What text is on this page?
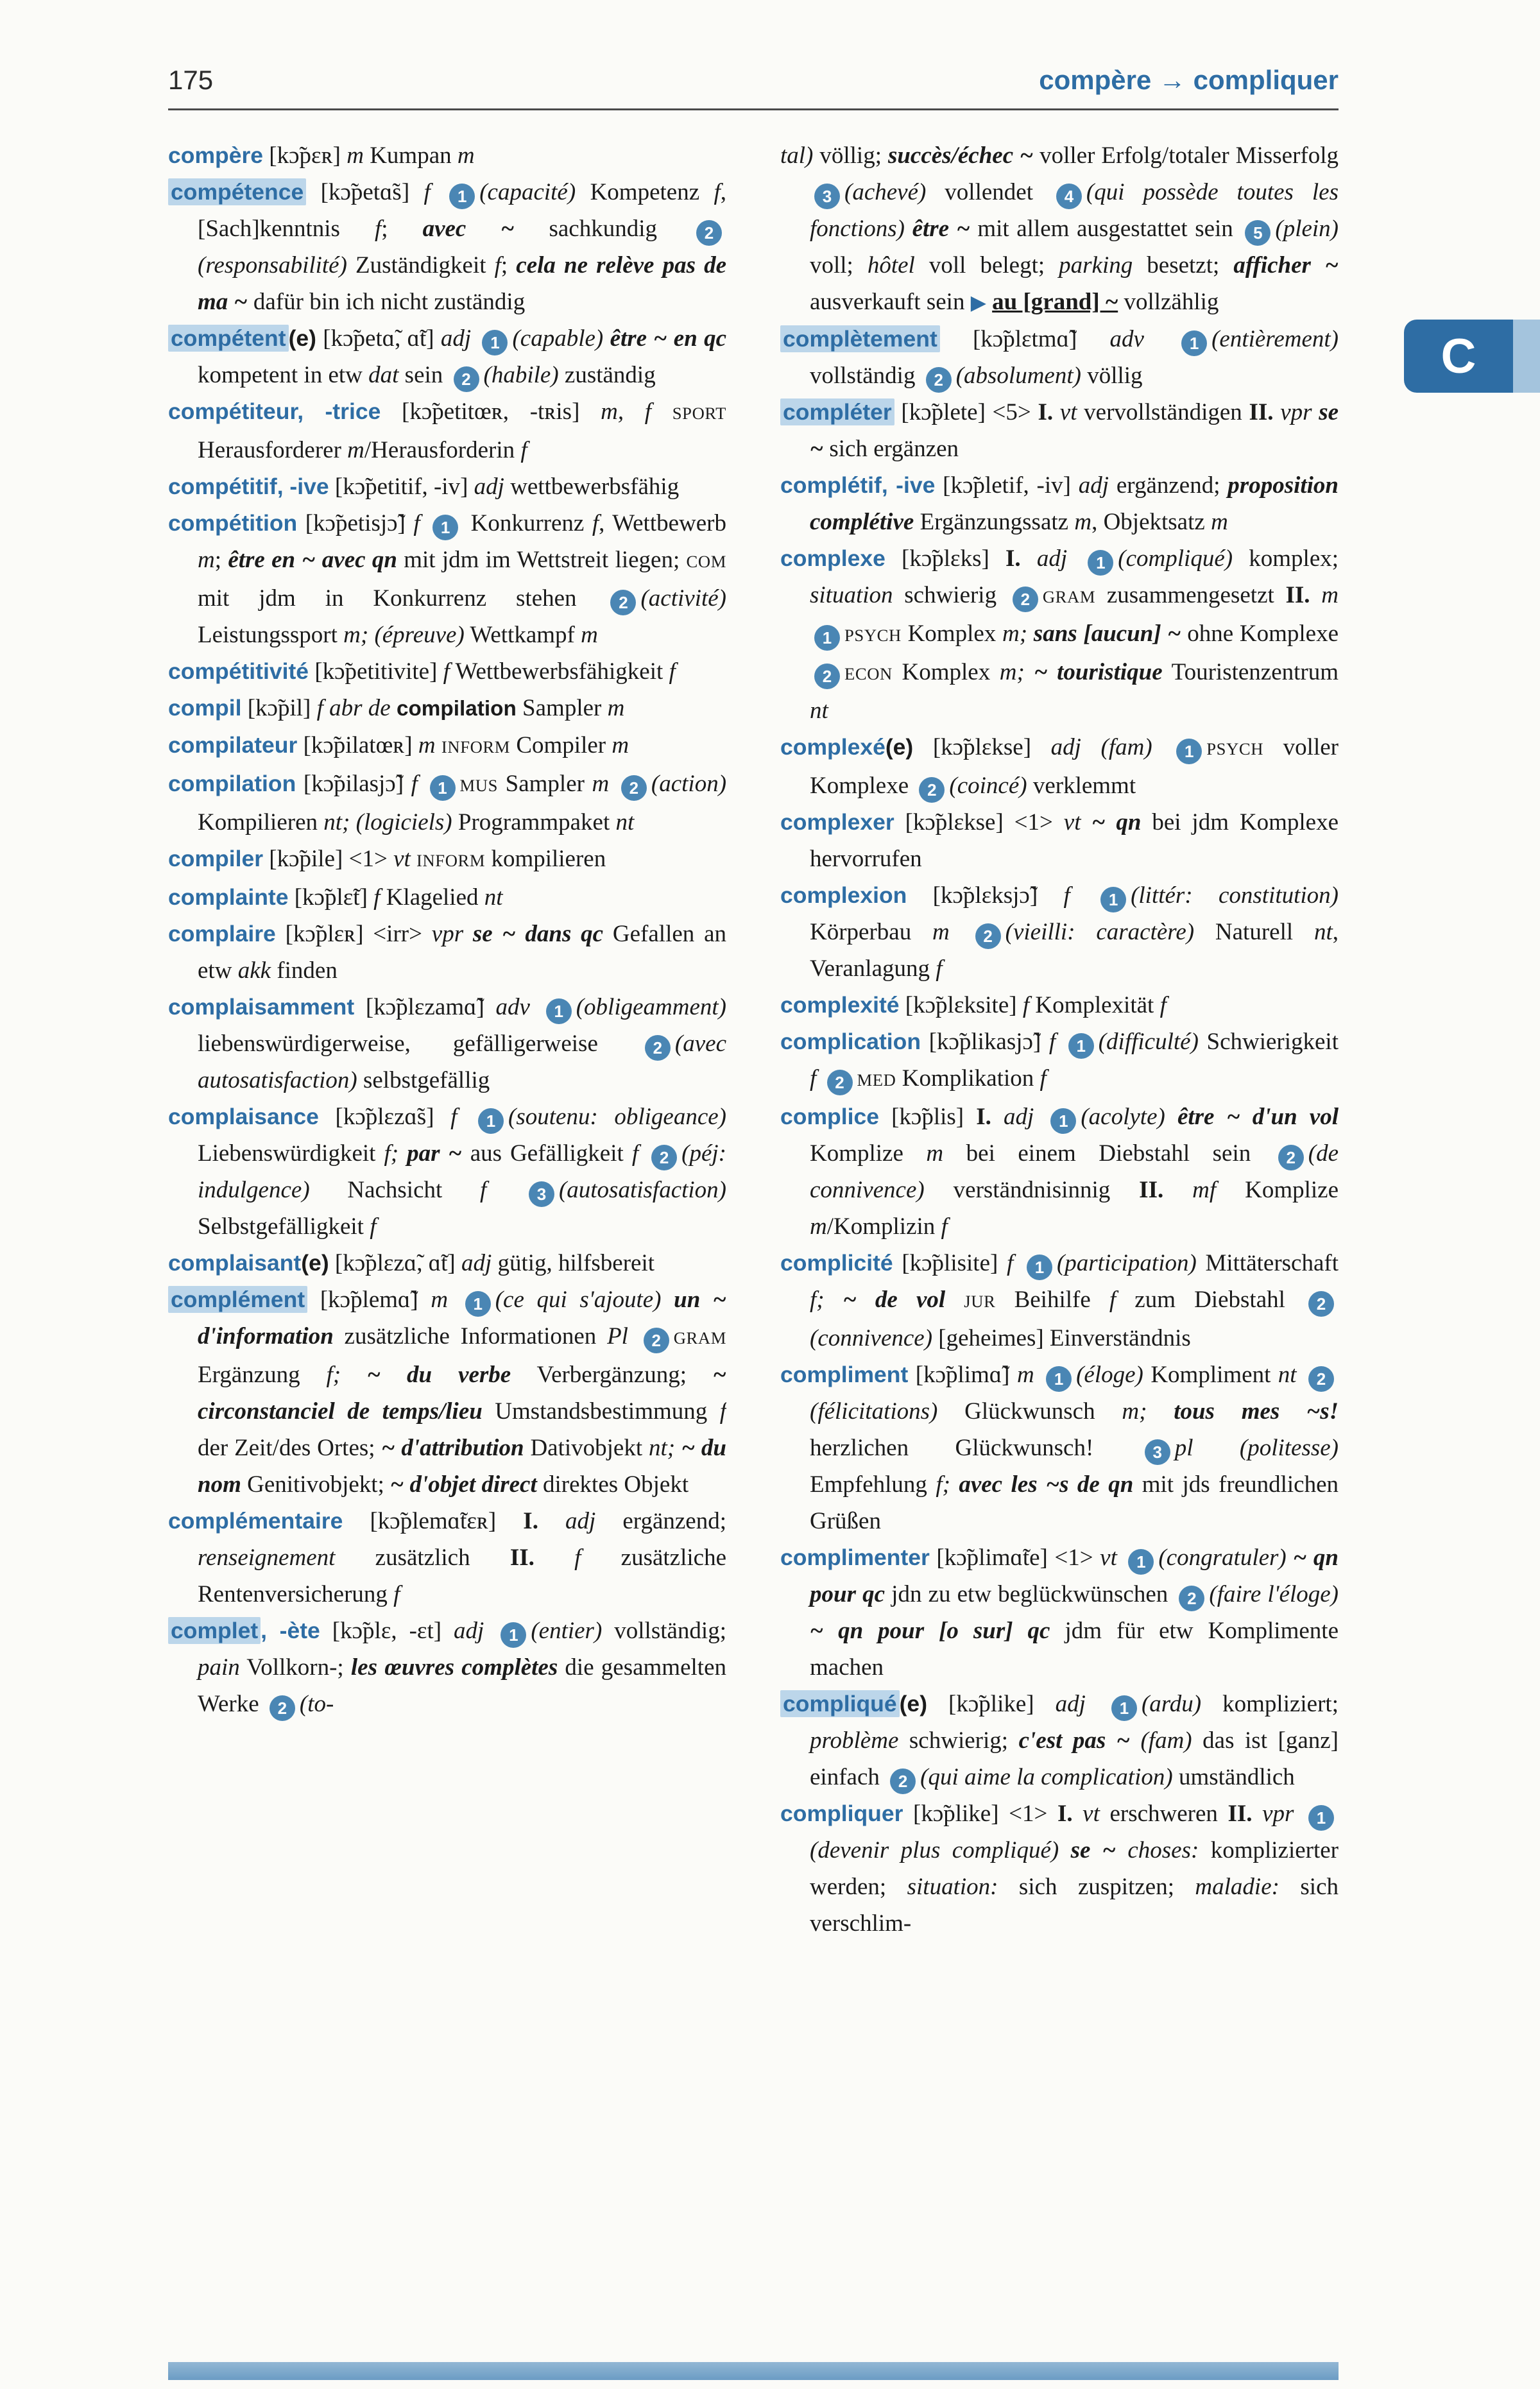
175	compère → compliquer

compère [kɔ̃pɛʀ] m Kumpan m

compétence [kɔ̃petɑ̃s] f 1 (capacité) Kompetenz f, [Sach]kenntnis f; avec ~ sachkundig 2(responsabilité) Zuständigkeit f; cela ne relève pas de ma ~ dafür bin ich nicht zuständig

compétent (e) [kɔ̃petɑ̃, ɑ̃t] adj 1 (capable) être ~ en qc kompetent in etw dat sein 2 (habile) zuständig

compétiteur, -trice [kɔ̃petitœʀ, -tʀis] m, f SPORT Herausforderer m/Herausforderin f

compétitif, -ive [kɔ̃petitif, -iv] adj wettbewerbsfähig

compétition [kɔ̃petisjɔ̃] f 1 Konkurrenz f, Wettbewerb m; être en ~ avec qn mit jdm im Wettstreit liegen; COM mit jdm in Konkurrenz stehen 2 (activité) Leistungssport m; (épreuve) Wettkampf m

compétitivité [kɔ̃petitivite] f Wettbewerbsfähigkeit f

compil [kɔ̃pil] f abr de compilation Sampler m

compilateur [kɔ̃pilatœʀ] m INFORM Compiler m

compilation [kɔ̃pilasjɔ̃] f 1 MUS Sampler m 2 (action) Kompilieren nt; (logiciels) Programmpaket nt

compiler [kɔ̃pile] <1> vt INFORM kompilieren

complainte [kɔ̃plɛ̃t] f Klagelied nt

complaire [kɔ̃plɛʀ] <irr> vpr se ~ dans qc Gefallen an etw akk finden

complaisamment [kɔ̃plɛzamɑ̃] adv 1 (obligeamment) liebenswürdigerweise, gefälligerweise 2 (avec autosatisfaction) selbstgefällig

complaisance [kɔ̃plɛzɑ̃s] f 1 (soutenu: obligeance) Liebenswürdigkeit f; par ~ aus Gefälligkeit f 2 (péj: indulgence) Nachsicht f	3 (autosatisfaction) Selbstgefälligkeit f

complaisant(e) [kɔ̃plɛzɑ̃, ɑ̃t] adj gütig, hilfsbereit

complément [kɔ̃plemɑ̃] m 1 (ce qui s'ajoute) un ~ d'information zusätzliche Informationen Pl 2 GRAM Ergänzung f; ~ du verbe Verbergänzung; ~ circonstanciel de temps/lieu Umstandsbestimmung f der Zeit/des Ortes; ~ d'attribution Dativobjekt nt; ~ du nom Genitivobjekt; ~ d'objet direct direktes Objekt

complémentaire [kɔ̃plemɑ̃tɛʀ] I. adj ergänzend; renseignement zusätzlich II. f zusätzliche Rentenversicherung f

complet , -ète [kɔ̃plɛ, -ɛt] adj 1 (entier) vollständig; pain Vollkorn-; les œuvres complètes die gesammelten Werke 2 (to-

tal) völlig; succès/échec ~ voller Erfolg/totaler Misserfolg 3 (achevé) vollendet 4 (qui possède toutes les fonctions) être ~ mit allem ausgestattet sein 5 (plein) voll; hôtel voll belegt; parking besetzt; afficher ~ ausverkauft sein ▶ au [grand] ~ vollzählig

complètement [kɔ̃plɛtmɑ̃] adv	1 (entièrement) vollständig 2 (absolument) völlig

compléter [kɔ̃plete] <5> I. vt vervollständigen II. vpr se ~ sich ergänzen

complétif, -ive [kɔ̃pletif, -iv] adj ergänzend; proposition complétive Ergänzungssatz m, Objektsatz m

complexe [kɔ̃plɛks] I. adj 1 (compliqué) komplex; situation schwierig 2 GRAM zusammengesetzt II. m 1 PSYCH Komplex m; sans [aucun] ~ ohne Komplexe 2 ECON Komplex m; ~ touristique Touristenzentrum nt

complexé(e) [kɔ̃plɛkse] adj (fam) 1 PSYCH voller Komplexe 2 (coincé) verklemmt

complexer [kɔ̃plɛkse] <1> vt ~ qn bei jdm Komplexe hervorrufen

complexion [kɔ̃plɛksjɔ̃] f 1 (littér: constitution) Körperbau m 2 (vieilli: caractère) Naturell nt, Veranlagung f

complexité [kɔ̃plɛksite] f Komplexität f

complication [kɔ̃plikasjɔ̃] f 1 (difficulté) Schwierigkeit f 2 MED Komplikation f

complice [kɔ̃plis] I. adj 1 (acolyte) être ~ d'un vol Komplize m bei einem Diebstahl sein 2 (de connivence) verständnisinnig II. mf Komplize m/Komplizin f

complicité [kɔ̃plisite] f 1 (participation) Mittäterschaft f; ~ de vol JUR Beihilfe f zum Diebstahl 2(connivence) [geheimes] Einverständnis

compliment [kɔ̃plimɑ̃] m 1 (éloge) Kompliment nt 2(félicitations) Glückwunsch m; tous mes ~s! herzlichen Glückwunsch! 3 pl (politesse) Empfehlung f; avec les ~s de qn mit jds freundlichen Grüßen

complimenter [kɔ̃plimɑ̃te] <1> vt 1 (congratuler) ~ qn pour qc jdn zu etw beglückwünschen 2 (faire l'éloge) ~ qn pour [o sur] qc jdm für etw Komplimente machen

compliqué (e) [kɔ̃plike] adj 1 (ardu) kompliziert; problème schwierig; c'est pas ~ (fam) das ist [ganz] einfach 2 (qui aime la complication) umständlich

compliquer [kɔ̃plike] <1> I. vt erschweren II. vpr 1(devenir plus compliqué) se ~ choses: komplizierter werden; situation: sich zuspitzen; maladie: sich verschlim-

C
